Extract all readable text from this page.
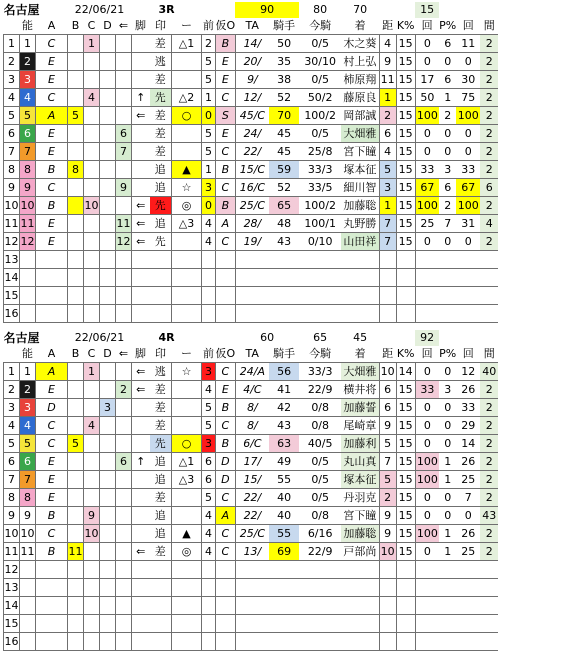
名古屋			22/06/21				3R					90		80	70			15			
	能	A	B	C	D	⇐	脚	印	ー	前	仮O	TA	騎手	今騎	着	距	K%	回	P%	回	間
1	1	C		1				差	△1	2	B	14/	50	0/5	木之葵	4	15	0	6	11	2
2	2	E						逃		5	E	20/	35	30/10	村上弘	9	15	0	0	0	2
3	3	E						差		5	E	9/	38	0/5	柿原翔	11	15	17	6	30	2
4	4	C		4			↑	先	△2	1	C	12/	52	50/2	藤原良	1	15	50	1	75	2
5	5	A	5				⇐	差	○	0	S	45/C	70	100/2	岡部誠	2	15	100	2	100	2
6	6	E				6		差		5	E	24/	45	0/5	大畑雅	6	15	0	0	0	2
7	7	E				7		差		5	C	22/	45	25/8	宮下瞳	4	15	0	0	0	2
8	8	B	8					追	▲	1	B	15/C	59	33/3	塚本征	5	15	33	3	33	2
9	9	C				9		追	☆	3	C	16/C	52	33/5	細川智	3	15	67	6	67	6
10	10	B		10			⇐	先	◎	0	B	25/C	65	100/2	加藤聡	1	15	100	2	100	2
11	11	E				11	⇐	追	△3	4	A	28/	48	100/1	丸野勝	7	15	25	7	31	4
12	12	E				12	⇐	先		4	C	19/	43	0/10	山田祥	7	15	0	0	0	2
13																					
14																					
15																					
16																					
名古屋			22/06/21				4R					60		65	45			92			
	能	A	B	C	D	⇐	脚	印	ー	前	仮O	TA	騎手	今騎	着	距	K%	回	P%	回	間
1	1	A		1			⇐	逃	☆	3	C	24/A	56	33/3	大畑雅	10	14	0	0	12	40
2	2	E				2	⇐	差		4	E	4/C	41	22/9	横井将	6	15	33	3	26	2
3	3	D			3			差		5	B	8/	42	0/8	加藤誓	6	15	0	0	33	2
4	4	C		4				差		5	C	8/	43	0/8	尾崎章	9	15	0	0	29	2
5	5	C	5					先	○	3	B	6/C	63	40/5	加藤利	5	15	0	0	14	2
6	6	E				6	↑	追	△1	6	D	17/	49	0/5	丸山真	7	15	100	1	26	2
7	7	E						追	△3	6	D	15/	55	0/5	塚本征	5	15	100	1	25	2
8	8	E						差		5	C	22/	40	0/5	丹羽克	2	15	0	0	7	2
9	9	B		9				追		4	A	22/	40	0/8	宮下瞳	9	15	0	0	0	43
10	10	C		10				追	▲	4	C	25/C	55	6/16	加藤聡	9	15	100	1	26	2
11	11	B	11				⇐	差	◎	4	C	13/	69	22/9	戸部尚	10	15	0	1	25	2
12																					
13																					
14																					
15																					
16																					
